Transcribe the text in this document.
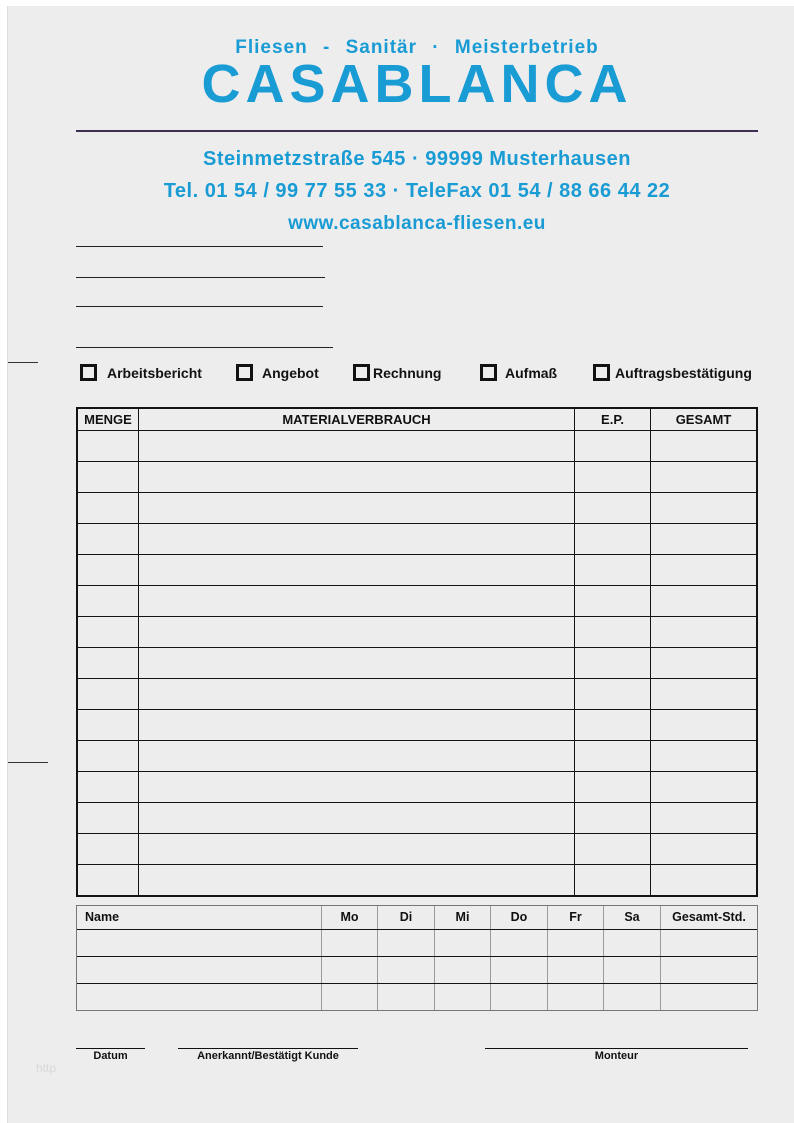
Fliesen - Sanitär · Meisterbetrieb
CASABLANCA
Steinmetzstraße 545 · 99999 Musterhausen
Tel. 01 54 / 99 77 55 33 · TeleFax 01 54 / 88 66 44 22
www.casablanca-fliesen.eu
Arbeitsbericht	Angebot	Rechnung	Aufmaß	Auftragsbestätigung
MENGE	MATERIALVERBRAUCH	E.P.	GESAMT
Name	Mo	Di	Mi	Do	Fr	Sa	Gesamt-Std.
Datum	Anerkannt/Bestätigt Kunde	Monteur
http
